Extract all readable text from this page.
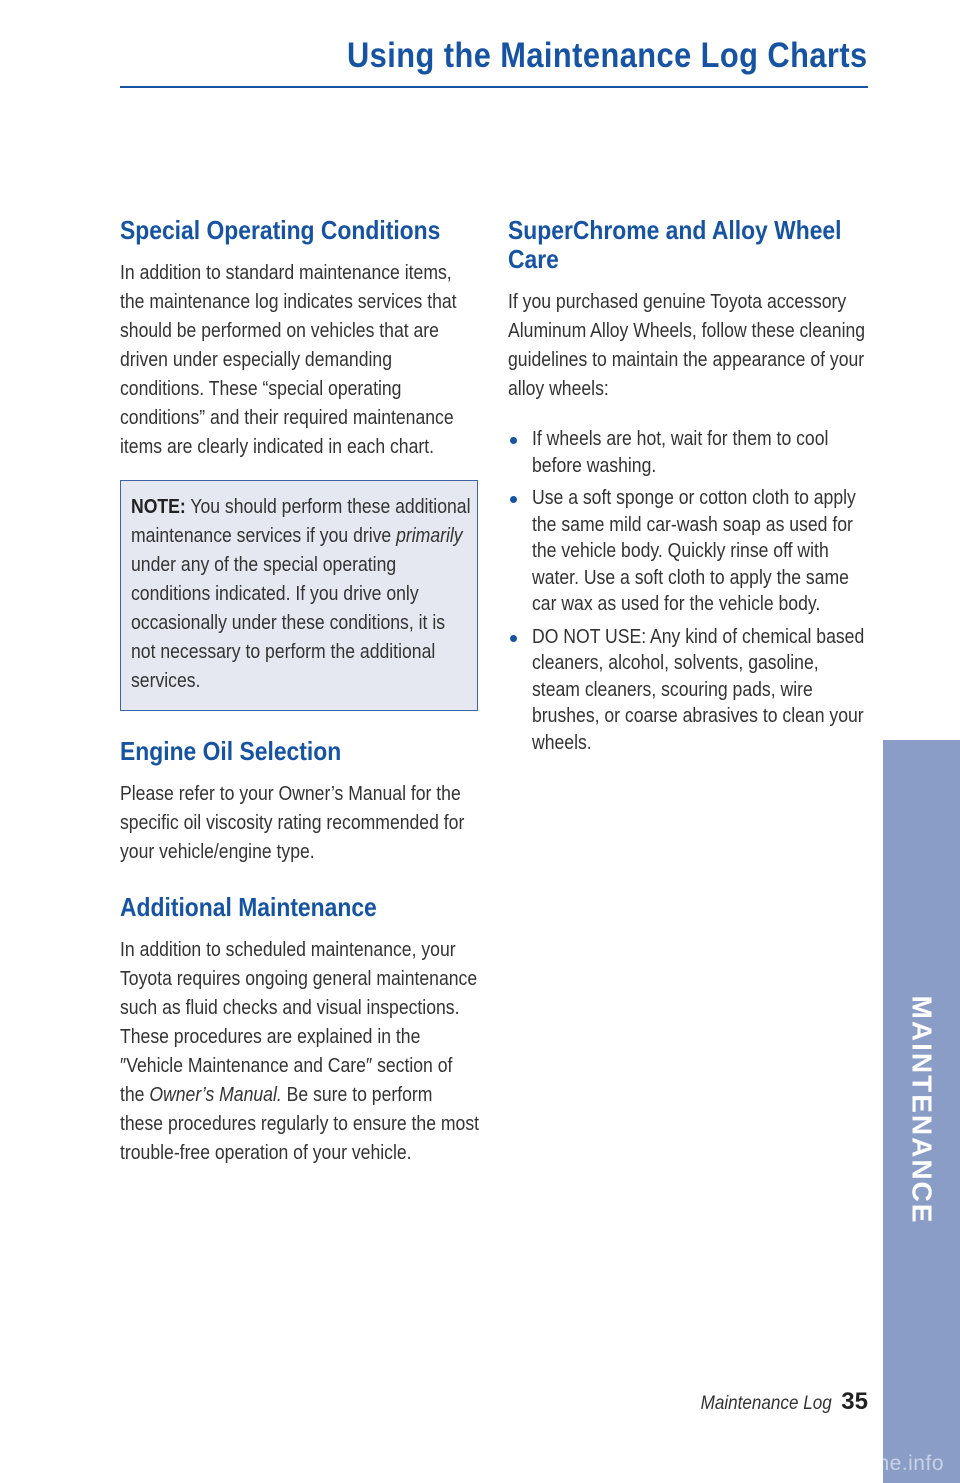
Using the Maintenance Log Charts
Special Operating Conditions

In addition to standard maintenance items, the maintenance log indicates services that should be performed on vehicles that are driven under especially demanding conditions. These “special operating conditions” and their required maintenance items are clearly indicated in each chart.

NOTE: You should perform these additional maintenance services if you drive primarily under any of the special operating conditions indicated. If you drive only occasionally under these conditions, it is not necessary to perform the additional services.

Engine Oil Selection

Please refer to your Owner’s Manual for the specific oil viscosity rating recommended for your vehicle/engine type.

Additional Maintenance

In addition to scheduled maintenance, your Toyota requires ongoing general maintenance such as fluid checks and visual inspections. These procedures are explained in the ″Vehicle Maintenance and Care″ section of the Owner’s Manual. Be sure to perform these procedures regularly to ensure the most trouble-free operation of your vehicle.

SuperChrome and Alloy Wheel Care

If you purchased genuine Toyota accessory Aluminum Alloy Wheels, follow these cleaning guidelines to maintain the appearance of your alloy wheels:

If wheels are hot, wait for them to cool before washing.
Use a soft sponge or cotton cloth to apply the same mild car-wash soap as used for the vehicle body. Quickly rinse off with water. Use a soft cloth to apply the same car wax as used for the vehicle body.
DO NOT USE: Any kind of chemical based cleaners, alcohol, solvents, gasoline, steam cleaners, scouring pads, wire brushes, or coarse abrasives to clean your wheels.
MAINTENANCE
Maintenance Log 35
carmanualsonline.info
